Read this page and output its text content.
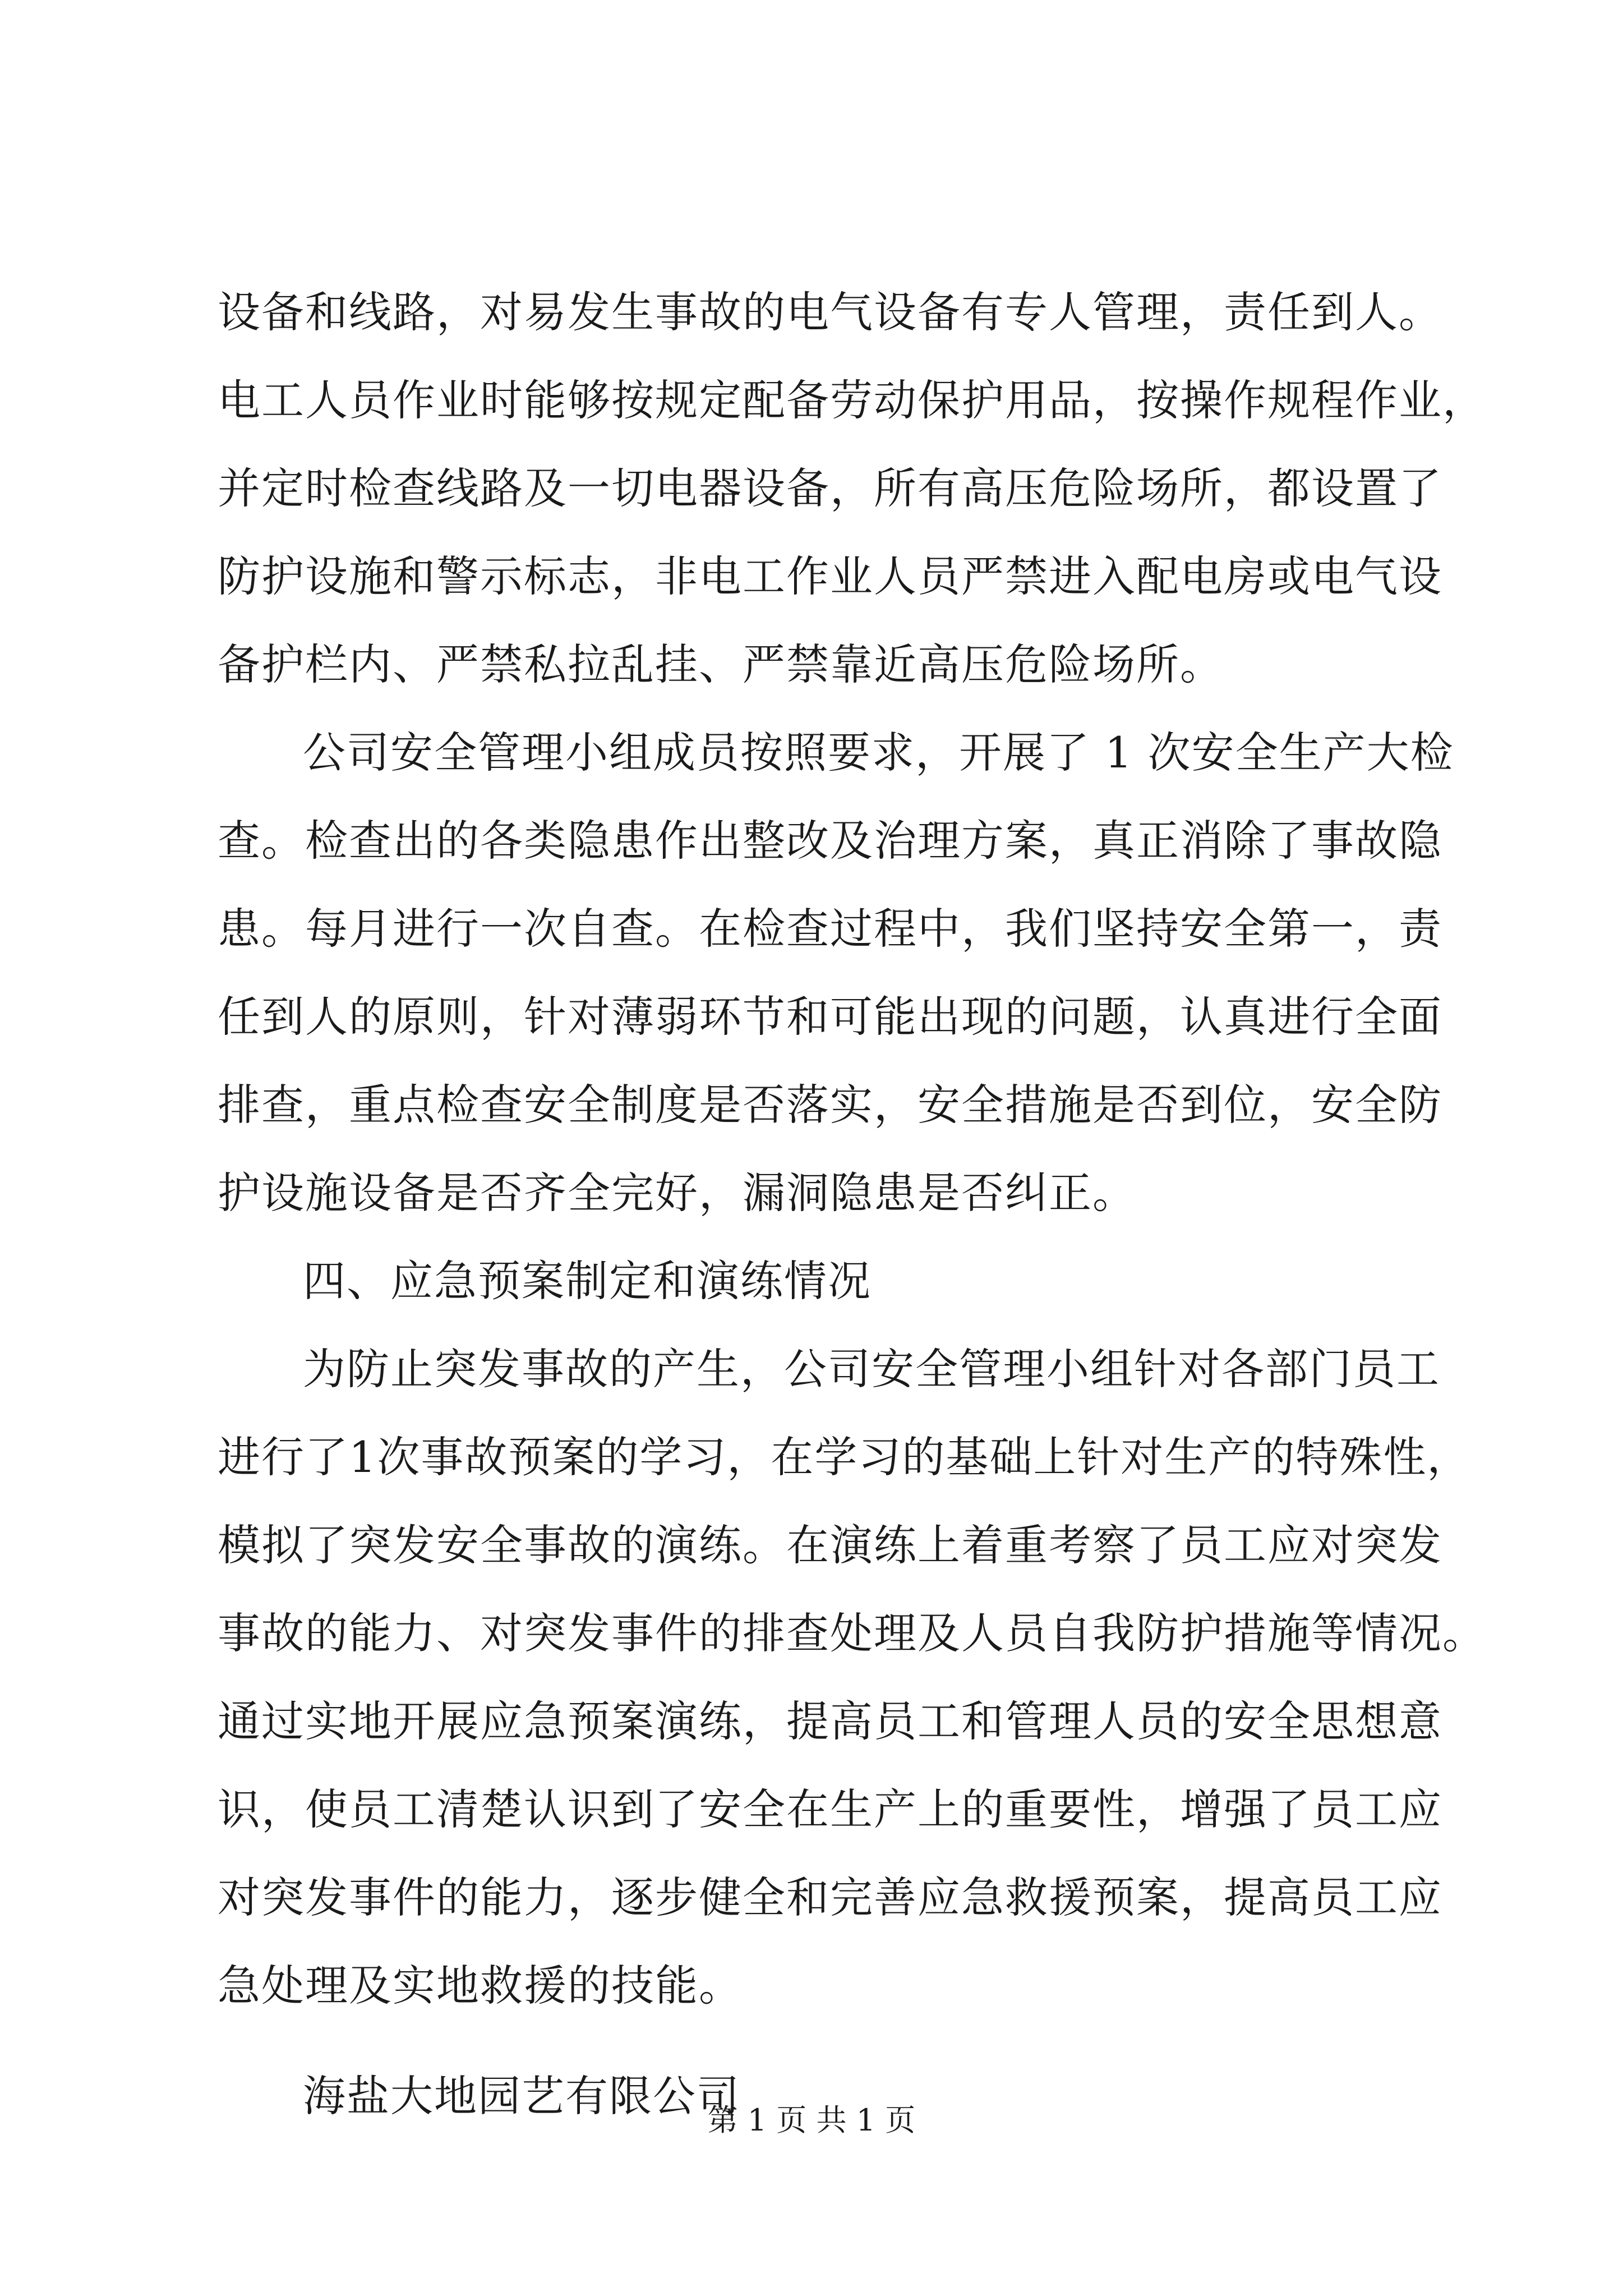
设备和线路，对易发生事故的电气设备有专人管理，责任到人。
电工人员作业时能够按规定配备劳动保护用品，按操作规程作业，
并定时检查线路及一切电器设备，所有高压危险场所，都设置了
防护设施和警示标志，非电工作业人员严禁进入配电房或电气设
备护栏内、严禁私拉乱挂、严禁靠近高压危险场所。
公司安全管理小组成员按照要求，开展了 1 次安全生产大检
查。检查出的各类隐患作出整改及治理方案，真正消除了事故隐
患。每月进行一次自查。在检查过程中，我们坚持安全第一，责
任到人的原则，针对薄弱环节和可能出现的问题，认真进行全面
排查，重点检查安全制度是否落实，安全措施是否到位，安全防
护设施设备是否齐全完好，漏洞隐患是否纠正。
四、应急预案制定和演练情况
为防止突发事故的产生，公司安全管理小组针对各部门员工
进行了1次事故预案的学习，在学习的基础上针对生产的特殊性，
模拟了突发安全事故的演练。在演练上着重考察了员工应对突发
事故的能力、对突发事件的排查处理及人员自我防护措施等情况。
通过实地开展应急预案演练，提高员工和管理人员的安全思想意
识，使员工清楚认识到了安全在生产上的重要性，增强了员工应
对突发事件的能力，逐步健全和完善应急救援预案，提高员工应
急处理及实地救援的技能。
海盐大地园艺有限公司
第 1 页 共 1 页
